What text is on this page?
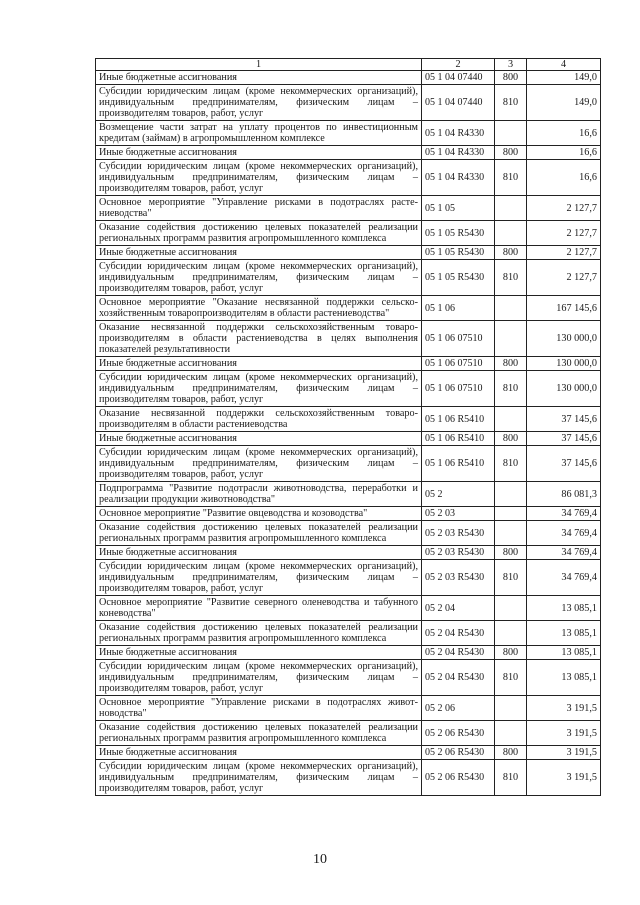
1	2	3	4
Иные бюджетные ассигнования	05 1 04 07440	800	149,0
Субсидии юридическим лицам (кроме некоммерческих организаций), индивидуальным предпринимателям, физическим лицам – производителям товаров, работ, услуг	05 1 04 07440	810	149,0
Возмещение части затрат на уплату процентов по инвестиционным кредитам (займам) в агропромышленном комплексе	05 1 04 R4330		16,6
Иные бюджетные ассигнования	05 1 04 R4330	800	16,6
Субсидии юридическим лицам (кроме некоммерческих организаций), индивидуальным предпринимателям, физическим лицам – производителям товаров, работ, услуг	05 1 04 R4330	810	16,6
Основное мероприятие "Управление рисками в подотраслях растениеводства"	05 1 05		2 127,7
Оказание содействия достижению целевых показателей реализации региональных программ развития агропромышленного комплекса	05 1 05 R5430		2 127,7
Иные бюджетные ассигнования	05 1 05 R5430	800	2 127,7
Субсидии юридическим лицам (кроме некоммерческих организаций), индивидуальным предпринимателям, физическим лицам – производителям товаров, работ, услуг	05 1 05 R5430	810	2 127,7
Основное мероприятие "Оказание несвязанной поддержки сельскохозяйственным товаропроизводителям в области растениеводства"	05 1 06		167 145,6
Оказание несвязанной поддержки сельскохозяйственным товаропроизводителям в области растениеводства в целях выполнения показателей результативности	05 1 06 07510		130 000,0
Иные бюджетные ассигнования	05 1 06 07510	800	130 000,0
Субсидии юридическим лицам (кроме некоммерческих организаций), индивидуальным предпринимателям, физическим лицам – производителям товаров, работ, услуг	05 1 06 07510	810	130 000,0
Оказание несвязанной поддержки сельскохозяйственным товаропроизводителям в области растениеводства	05 1 06 R5410		37 145,6
Иные бюджетные ассигнования	05 1 06 R5410	800	37 145,6
Субсидии юридическим лицам (кроме некоммерческих организаций), индивидуальным предпринимателям, физическим лицам – производителям товаров, работ, услуг	05 1 06 R5410	810	37 145,6
Подпрограмма "Развитие подотрасли животноводства, переработки и реализации продукции животноводства"	05 2		86 081,3
Основное мероприятие "Развитие овцеводства и козоводства"	05 2 03		34 769,4
Оказание содействия достижению целевых показателей реализации региональных программ развития агропромышленного комплекса	05 2 03 R5430		34 769,4
Иные бюджетные ассигнования	05 2 03 R5430	800	34 769,4
Субсидии юридическим лицам (кроме некоммерческих организаций), индивидуальным предпринимателям, физическим лицам – производителям товаров, работ, услуг	05 2 03 R5430	810	34 769,4
Основное мероприятие "Развитие северного оленеводства и табунного коневодства"	05 2 04		13 085,1
Оказание содействия достижению целевых показателей реализации региональных программ развития агропромышленного комплекса	05 2 04 R5430		13 085,1
Иные бюджетные ассигнования	05 2 04 R5430	800	13 085,1
Субсидии юридическим лицам (кроме некоммерческих организаций), индивидуальным предпринимателям, физическим лицам – производителям товаров, работ, услуг	05 2 04 R5430	810	13 085,1
Основное мероприятие "Управление рисками в подотраслях животноводства"	05 2 06		3 191,5
Оказание содействия достижению целевых показателей реализации региональных программ развития агропромышленного комплекса	05 2 06 R5430		3 191,5
Иные бюджетные ассигнования	05 2 06 R5430	800	3 191,5
Субсидии юридическим лицам (кроме некоммерческих организаций), индивидуальным предпринимателям, физическим лицам – производителям товаров, работ, услуг	05 2 06 R5430	810	3 191,5
10
